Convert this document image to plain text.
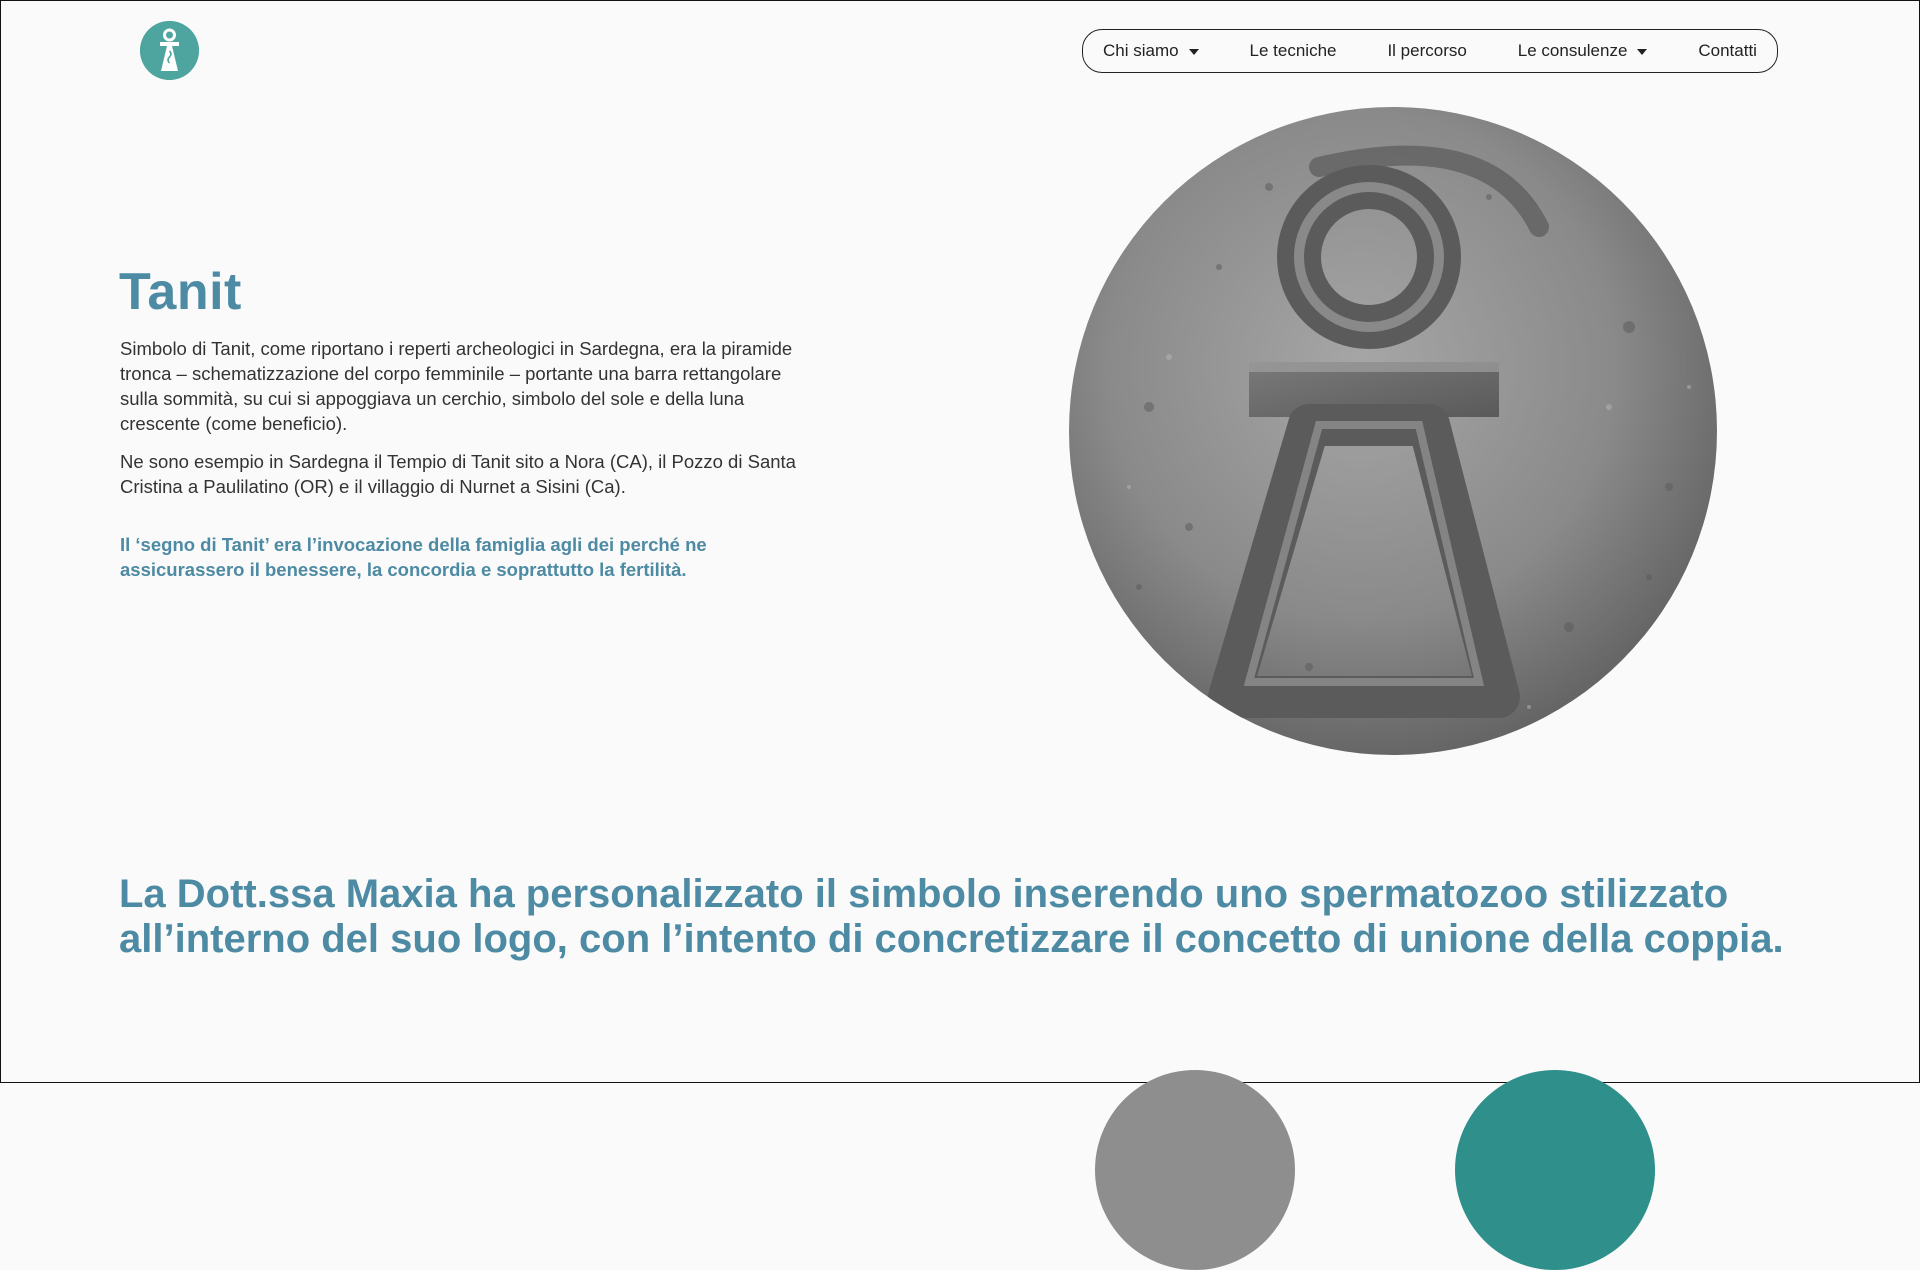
Chi siamo	Le tecniche	Il percorso	Le consulenze	Contatti
Tanit

Simbolo di Tanit, come riportano i reperti archeologici in Sardegna, era la piramide tronca – schematizzazione del corpo femminile – portante una barra rettangolare sulla sommità, su cui si appoggiava un cerchio, simbolo del sole e della luna crescente (come beneficio).

Ne sono esempio in Sardegna il Tempio di Tanit sito a Nora (CA), il Pozzo di Santa Cristina a Paulilatino (OR) e il villaggio di Nurnet a Sisini (Ca).

Il ‘segno di Tanit’ era l’invocazione della famiglia agli dei perché ne assicurassero il benessere, la concordia e soprattutto la fertilità.

La Dott.ssa Maxia ha personalizzato il simbolo inserendo uno spermatozoo stilizzato all’interno del suo logo, con l’intento di concretizzare il concetto di unione della coppia.
